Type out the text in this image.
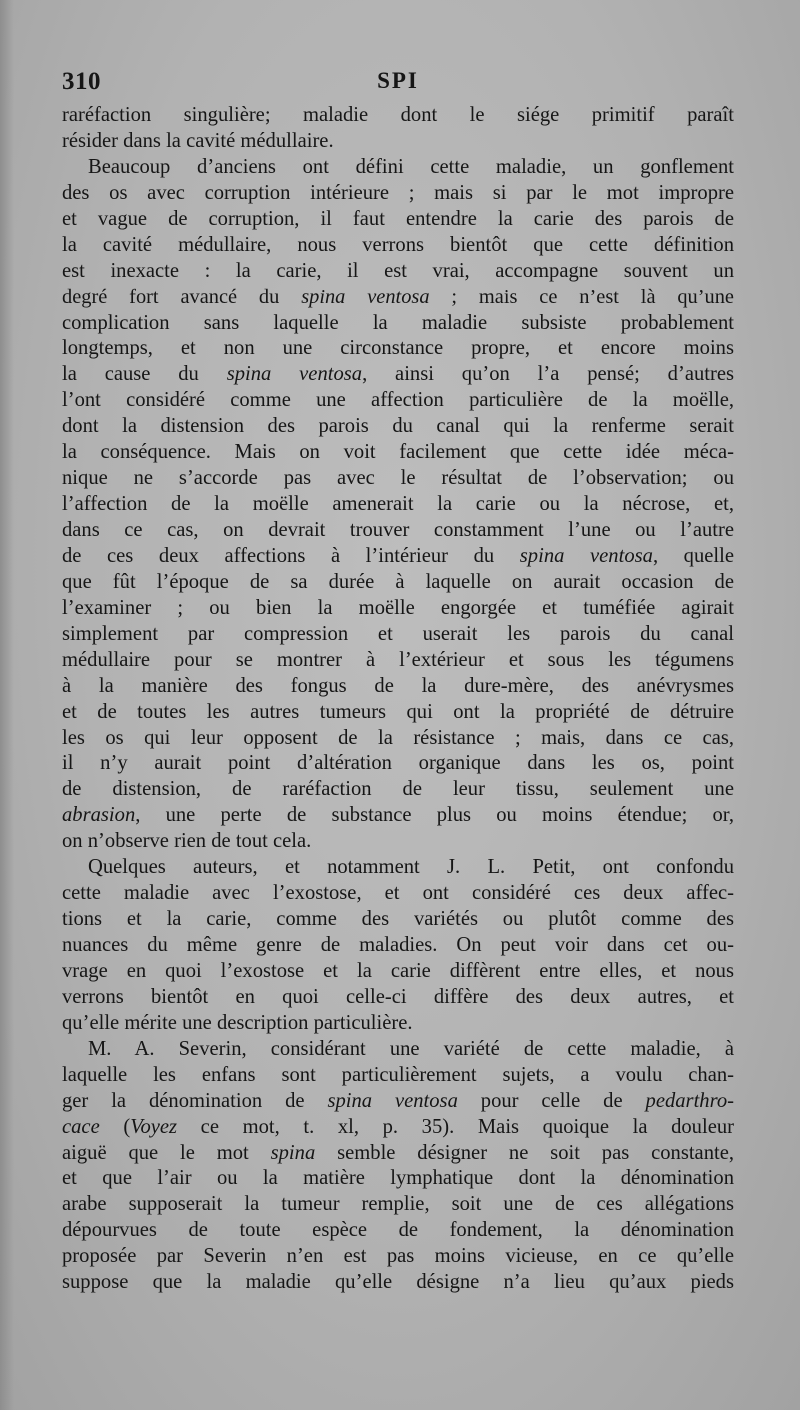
310	SPI
raréfaction singulière; maladie dont le siége primitif paraît
résider dans la cavité médullaire.
Beaucoup d’anciens ont défini cette maladie, un gonflement
des os avec corruption intérieure ; mais si par le mot impropre
et vague de corruption, il faut entendre la carie des parois de
la cavité médullaire, nous verrons bientôt que cette définition
est inexacte : la carie, il est vrai, accompagne souvent un
degré fort avancé du spina ventosa ; mais ce n’est là qu’une
complication sans laquelle la maladie subsiste probablement
longtemps, et non une circonstance propre, et encore moins
la cause du spina ventosa, ainsi qu’on l’a pensé; d’autres
l’ont considéré comme une affection particulière de la moëlle,
dont la distension des parois du canal qui la renferme serait
la conséquence. Mais on voit facilement que cette idée méca-
nique ne s’accorde pas avec le résultat de l’observation; ou
l’affection de la moëlle amenerait la carie ou la nécrose, et,
dans ce cas, on devrait trouver constamment l’une ou l’autre
de ces deux affections à l’intérieur du spina ventosa, quelle
que fût l’époque de sa durée à laquelle on aurait occasion de
l’examiner ; ou bien la moëlle engorgée et tuméfiée agirait
simplement par compression et userait les parois du canal
médullaire pour se montrer à l’extérieur et sous les tégumens
à la manière des fongus de la dure-mère, des anévrysmes
et de toutes les autres tumeurs qui ont la propriété de détruire
les os qui leur opposent de la résistance ; mais, dans ce cas,
il n’y aurait point d’altération organique dans les os, point
de distension, de raréfaction de leur tissu, seulement une
abrasion, une perte de substance plus ou moins étendue; or,
on n’observe rien de tout cela.
Quelques auteurs, et notamment J. L. Petit, ont confondu
cette maladie avec l’exostose, et ont considéré ces deux affec-
tions et la carie, comme des variétés ou plutôt comme des
nuances du même genre de maladies. On peut voir dans cet ou-
vrage en quoi l’exostose et la carie diffèrent entre elles, et nous
verrons bientôt en quoi celle-ci diffère des deux autres, et
qu’elle mérite une description particulière.
M. A. Severin, considérant une variété de cette maladie, à
laquelle les enfans sont particulièrement sujets, a voulu chan-
ger la dénomination de spina ventosa pour celle de pedarthro-
cace (Voyez ce mot, t. xl, p. 35). Mais quoique la douleur
aiguë que le mot spina semble désigner ne soit pas constante,
et que l’air ou la matière lymphatique dont la dénomination
arabe supposerait la tumeur remplie, soit une de ces allégations
dépourvues de toute espèce de fondement, la dénomination
proposée par Severin n’en est pas moins vicieuse, en ce qu’elle
suppose que la maladie qu’elle désigne n’a lieu qu’aux pieds
